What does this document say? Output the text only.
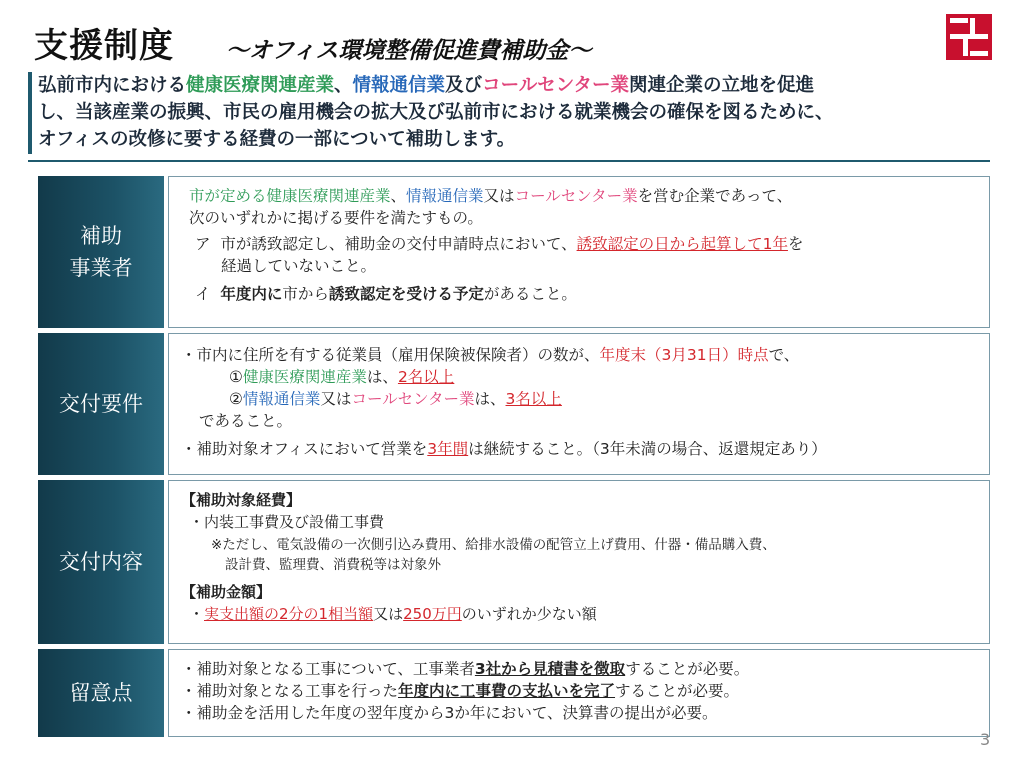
支援制度 ～オフィス環境整備促進費補助金～

弘前市内における健康医療関連産業、情報通信業及びコールセンター業関連企業の立地を促進

し、当該産業の振興、市民の雇用機会の拡大及び弘前市における就業機会の確保を図るために、

オフィスの改修に要する経費の一部について補助します。

補助
事業者
市が定める健康医療関連産業、情報通信業又はコールセンター業を営む企業であって、
次のいずれかに掲げる要件を満たすもの。
ア 市が誘致認定し、補助金の交付申請時点において、誘致認定の日から起算して1年を
経過していないこと。
イ 年度内に市から誘致認定を受ける予定があること。
交付要件
・市内に住所を有する従業員（雇用保険被保険者）の数が、年度末（3月31日）時点で、
①健康医療関連産業は、2名以上
②情報通信業又はコールセンター業は、3名以上
であること。
・補助対象オフィスにおいて営業を3年間は継続すること。（3年未満の場合、返還規定あり）
交付内容
【補助対象経費】
・内装工事費及び設備工事費
※ただし、電気設備の一次側引込み費用、給排水設備の配管立上げ費用、什器・備品購入費、
設計費、監理費、消費税等は対象外
【補助金額】
・実支出額の2分の1相当額又は250万円のいずれか少ない額
留意点
・補助対象となる工事について、工事業者3社から見積書を徴取することが必要。
・補助対象となる工事を行った年度内に工事費の支払いを完了することが必要。
・補助金を活用した年度の翌年度から3か年において、決算書の提出が必要。
3
